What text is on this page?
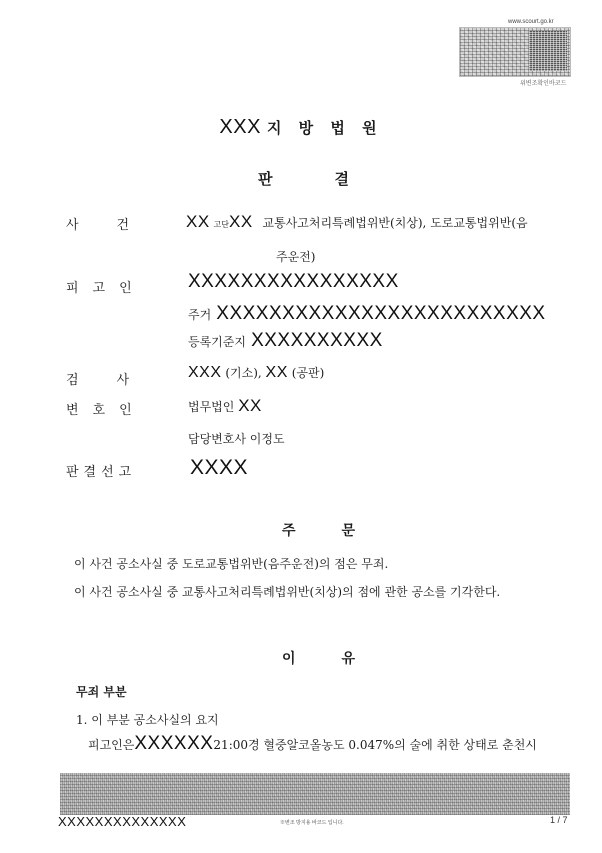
www.scourt.go.kr
위변조확인바코드
XXX 지 방 법 원
판	결
사건 XX 고단XX 교통사고처리특례법위반(치상), 도로교통법위반(음
주운전)
피고인 XXXXXXXXXXXXXXXX
주거 XXXXXXXXXXXXXXXXXXXXXXXXX
등록기준지 XXXXXXXXXX
검사 XXX (기소), XX (공판)
변호인	법무법인 XX
담당변호사 이정도
판결선고	XXXX
주	문
이 사건 공소사실 중 도로교통법위반(음주운전)의 점은 무죄.
이 사건 공소사실 중 교통사고처리특례법위반(치상)의 점에 관한 공소를 기각한다.
이	유
무죄 부분
1. 이 부분 공소사실의 요지
피고인은XXXXXX21:00경 혈중알코올농도 0.047%의 술에 취한 상태로 춘천시
XXXXXXXXXXXXXX	※변조 방지용 바코드 입니다.	1 / 7
